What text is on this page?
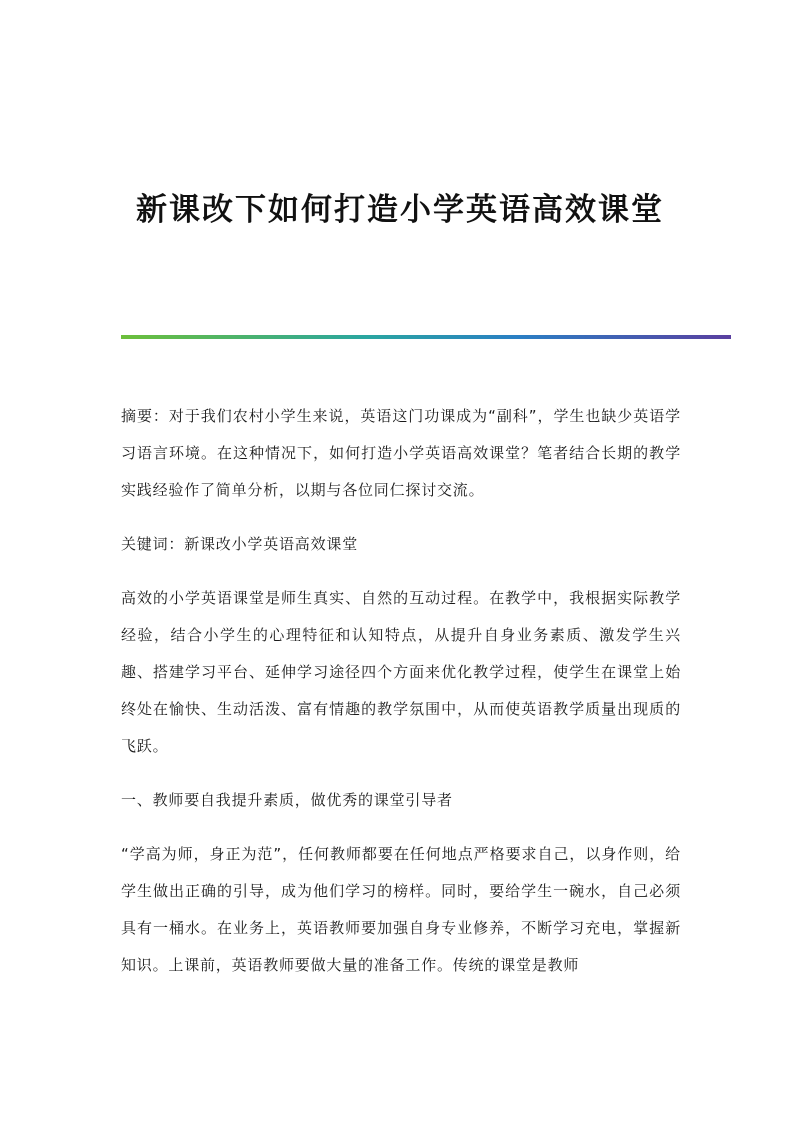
新课改下如何打造小学英语高效课堂

摘要：对于我们农村小学生来说，英语这门功课成为“副科”，学生也缺少英语学习语言环境。在这种情况下，如何打造小学英语高效课堂？笔者结合长期的教学实践经验作了简单分析，以期与各位同仁探讨交流。

关键词：新课改小学英语高效课堂

高效的小学英语课堂是师生真实、自然的互动过程。在教学中，我根据实际教学经验，结合小学生的心理特征和认知特点，从提升自身业务素质、激发学生兴趣、搭建学习平台、延伸学习途径四个方面来优化教学过程，使学生在课堂上始终处在愉快、生动活泼、富有情趣的教学氛围中，从而使英语教学质量出现质的飞跃。

一、教师要自我提升素质，做优秀的课堂引导者

“学高为师，身正为范”，任何教师都要在任何地点严格要求自己，以身作则，给学生做出正确的引导，成为他们学习的榜样。同时，要给学生一碗水，自己必须具有一桶水。在业务上，英语教师要加强自身专业修养，不断学习充电，掌握新知识。上课前，英语教师要做大量的准备工作。传统的课堂是教师
